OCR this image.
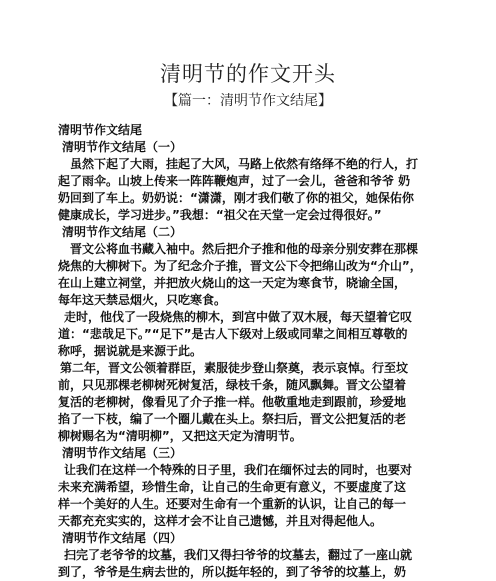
清明节的作文开头
【篇一：清明节作文结尾】
清明节作文结尾
清明节作文结尾（一）
虽然下起了大雨，挂起了大风，马路上依然有络绎不绝的行人，打
起了雨伞。山坡上传来一阵阵鞭炮声，过了一会儿，爸爸和爷爷 奶
奶回到了车上。奶奶说：“潇潇，刚才我们敬了你的祖父，她保佑你
健康成长，学习进步。”我想：“祖父在天堂一定会过得很好。”
清明节作文结尾（二）
晋文公将血书藏入袖中。然后把介子推和他的母亲分别安葬在那棵
烧焦的大柳树下。为了纪念介子推，晋文公下令把绵山改为“介山”，
在山上建立祠堂，并把放火烧山的这一天定为寒食节，晓谕全国，
每年这天禁忌烟火，只吃寒食。
走时，他伐了一段烧焦的柳木，到宫中做了双木屐，每天望着它叹
道：“悲哉足下。”“足下”是古人下级对上级或同辈之间相互尊敬的
称呼，据说就是来源于此。
第二年，晋文公领着群臣，素服徒步登山祭奠，表示哀悼。行至坟
前，只见那棵老柳树死树复活，绿枝千条，随风飘舞。晋文公望着
复活的老柳树，像看见了介子推一样。他敬重地走到跟前，珍爱地
掐了一下枝，编了一个圈儿戴在头上。祭扫后，晋文公把复活的老
柳树赐名为“清明柳”，又把这天定为清明节。
清明节作文结尾（三）
让我们在这样一个特殊的日子里，我们在缅怀过去的同时，也要对
未来充满希望，珍惜生命，让自己的生命更有意义，不要虚度了这
样一个美好的人生。还要对生命有一个重新的认识，让自己的每一
天都充充实实的，这样才会不让自己遗憾，并且对得起他人。
清明节作文结尾（四）
扫完了老爷爷的坟墓，我们又得扫爷爷的坟墓去，翻过了一座山就
到了，爷爷是生病去世的，所以挺年轻的，到了爷爷的坟墓上，奶
